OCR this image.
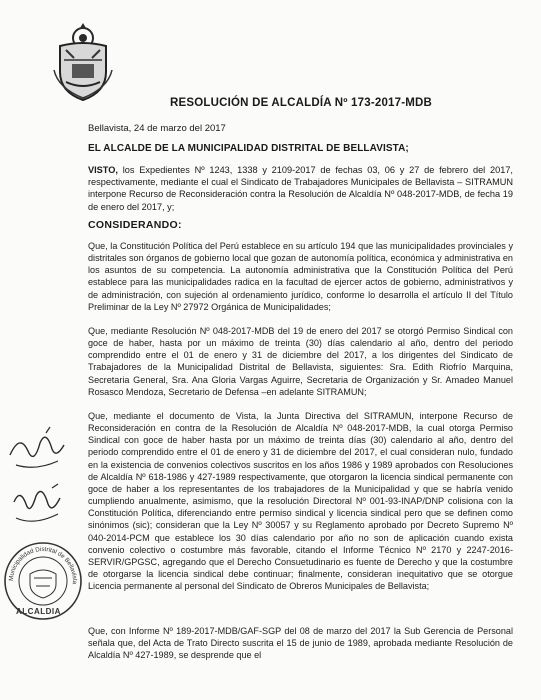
RESOLUCIÓN DE ALCALDÍA Nº 173-2017-MDB
Bellavista, 24 de marzo del 2017
EL ALCALDE DE LA MUNICIPALIDAD DISTRITAL DE BELLAVISTA;
VISTO, los Expedientes Nº 1243, 1338 y 2109-2017 de fechas 03, 06 y 27 de febrero del 2017, respectivamente, mediante el cual el Sindicato de Trabajadores Municipales de Bellavista – SITRAMUN interpone Recurso de Reconsideración contra la Resolución de Alcaldía Nº 048-2017-MDB, de fecha 19 de enero del 2017, y;
CONSIDERANDO:
Que, la Constitución Política del Perú establece en su artículo 194 que las municipalidades provinciales y distritales son órganos de gobierno local que gozan de autonomía política, económica y administrativa en los asuntos de su competencia. La autonomía administrativa que la Constitución Política del Perú establece para las municipalidades radica en la facultad de ejercer actos de gobierno, administrativos y de administración, con sujeción al ordenamiento jurídico, conforme lo desarrolla el artículo II del Título Preliminar de la Ley Nº 27972 Orgánica de Municipalidades;
Que, mediante Resolución Nº 048-2017-MDB del 19 de enero del 2017 se otorgó Permiso Sindical con goce de haber, hasta por un máximo de treinta (30) días calendario al año, dentro del periodo comprendido entre el 01 de enero y 31 de diciembre del 2017, a los dirigentes del Sindicato de Trabajadores de la Municipalidad Distrital de Bellavista, siguientes: Sra. Edith Riofrío Marquina, Secretaria General, Sra. Ana Gloria Vargas Aguirre, Secretaria de Organización y Sr. Amadeo Manuel Rosasco Mendoza, Secretario de Defensa –en adelante SITRAMUN;
Que, mediante el documento de Vista, la Junta Directiva del SITRAMUN, interpone Recurso de Reconsideración en contra de la Resolución de Alcaldía Nº 048-2017-MDB, la cual otorga Permiso Sindical con goce de haber hasta por un máximo de treinta días (30) calendario al año, dentro del periodo comprendido entre el 01 de enero y 31 de diciembre del 2017, el cual consideran nulo, fundado en la existencia de convenios colectivos suscritos en los años 1986 y 1989 aprobados con Resoluciones de Alcaldía Nº 618-1986 y 427-1989 respectivamente, que otorgaron la licencia sindical permanente con goce de haber a los representantes de los trabajadores de la Municipalidad y que se habría venido cumpliendo anualmente, asimismo, que la resolución Directoral Nº 001-93-INAP/DNP colisiona con la Constitución Política, diferenciando entre permiso sindical y licencia sindical pero que se definen como sinónimos (sic); consideran que la Ley Nº 30057 y su Reglamento aprobado por Decreto Supremo Nº 040-2014-PCM que establece los 30 días calendario por año no son de aplicación cuando exista convenio colectivo o costumbre más favorable, citando el Informe Técnico Nº 2170 y 2247-2016-SERVIR/GPGSC, agregando que el Derecho Consuetudinario es fuente de Derecho y que la costumbre de otorgarse la licencia sindical debe continuar; finalmente, consideran inequitativo que se otorgue Licencia permanente al personal del Sindicato de Obreros Municipales de Bellavista;
Que, con Informe Nº 189-2017-MDB/GAF-SGP del 08 de marzo del 2017 la Sub Gerencia de Personal señala que, del Acta de Trato Directo suscrita el 15 de junio de 1989, aprobada mediante Resolución de Alcaldía Nº 427-1989, se desprende que el
Municipalidad Distrital de Bellavista
ALCALDIA
